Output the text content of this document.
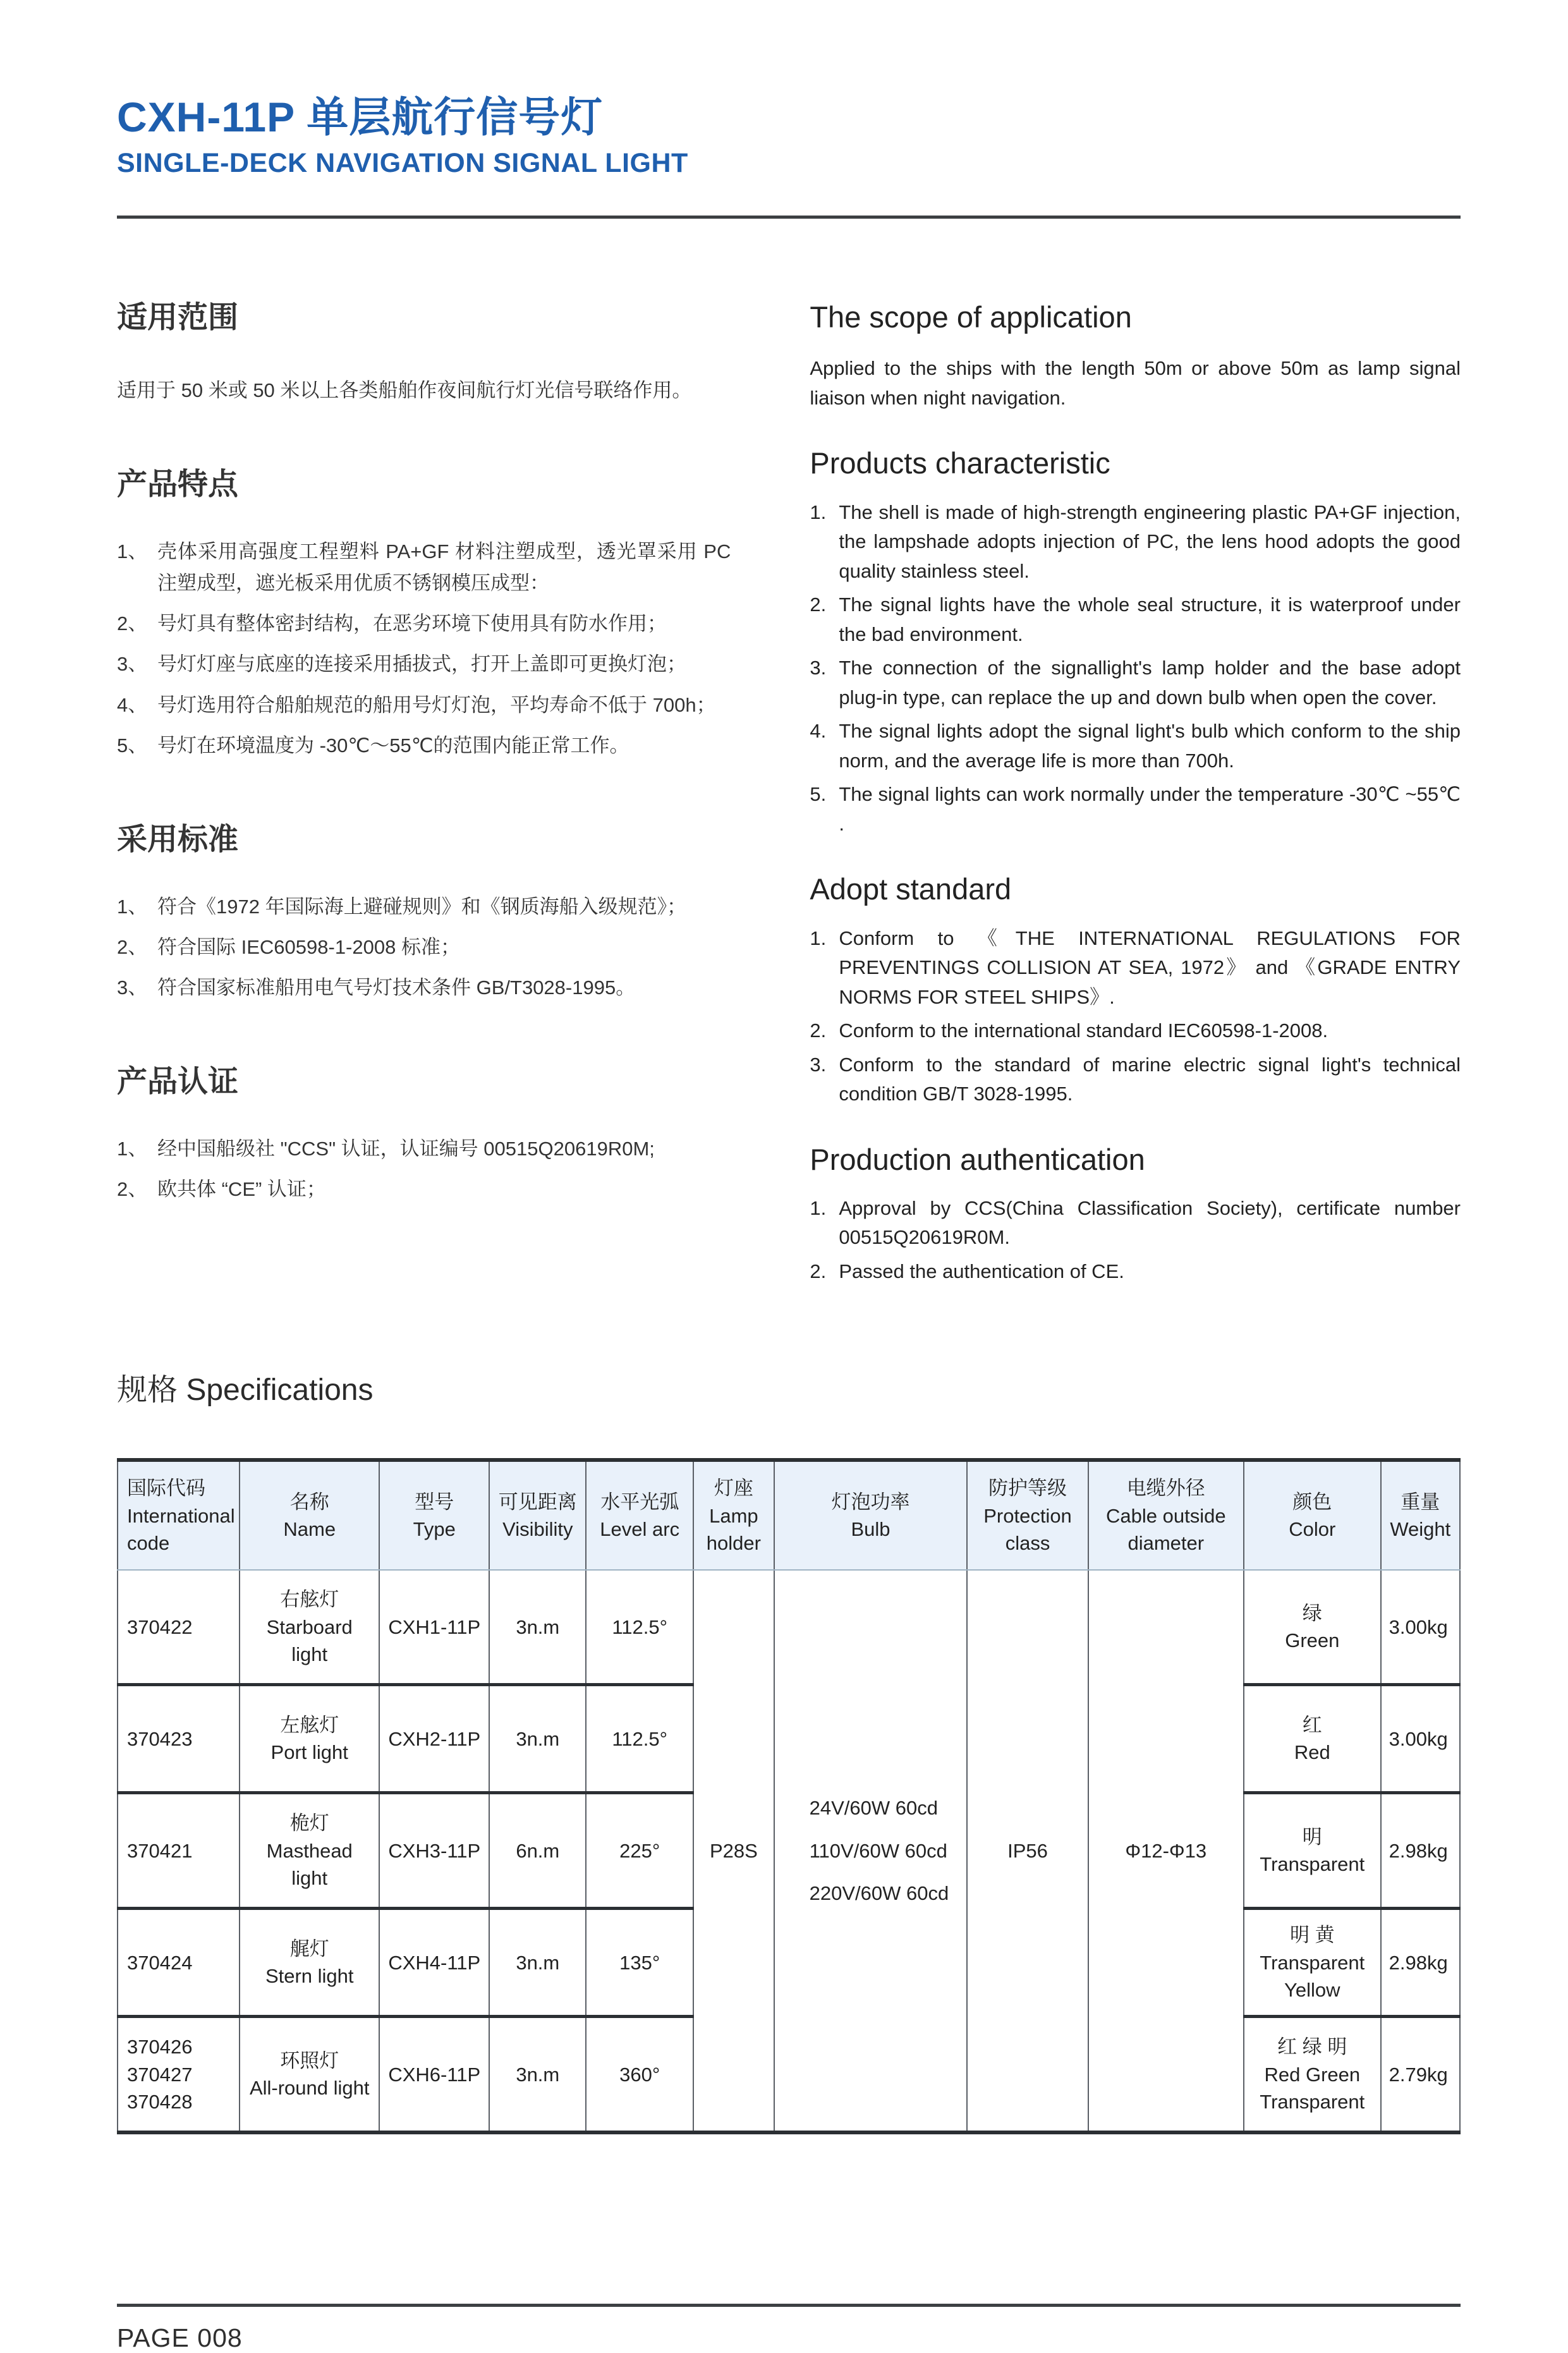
CXH-11P 单层航行信号灯
SINGLE-DECK NAVIGATION SIGNAL LIGHT
适用范围
适用于 50 米或 50 米以上各类船舶作夜间航行灯光信号联络作用。
产品特点
1、 壳体采用高强度工程塑料 PA+GF 材料注塑成型，透光罩采用 PC 注塑成型，遮光板采用优质不锈钢模压成型：
2、 号灯具有整体密封结构，在恶劣环境下使用具有防水作用；
3、 号灯灯座与底座的连接采用插拔式，打开上盖即可更换灯泡；
4、 号灯选用符合船舶规范的船用号灯灯泡，平均寿命不低于 700h；
5、 号灯在环境温度为 -30℃～55℃的范围内能正常工作。
采用标准
1、 符合《1972 年国际海上避碰规则》和《钢质海船入级规范》；
2、 符合国际 IEC60598-1-2008 标准；
3、 符合国家标准船用电气号灯技术条件 GB/T3028-1995。
产品认证
1、 经中国船级社 "CCS" 认证，认证编号 00515Q20619R0M;
2、 欧共体 “CE” 认证；
The scope of application
Applied to the ships with the length 50m or above 50m as lamp signal liaison when night navigation.
Products characteristic
1. The shell is made of high-strength engineering plastic PA+GF injection, the lampshade adopts injection of PC, the lens hood adopts the good quality stainless steel.
2. The signal lights have the whole seal structure, it is waterproof under the bad environment.
3. The connection of the signallight's lamp holder and the base adopt plug-in type, can replace the up and down bulb when open the cover.
4. The signal lights adopt the signal light's bulb which conform to the ship norm, and the average life is more than 700h.
5. The signal lights can work normally under the temperature -30℃ ~55℃ .
Adopt standard
1. Conform to 《THE INTERNATIONAL REGULATIONS FOR PREVENTINGS COLLISION AT SEA, 1972》 and 《GRADE ENTRY NORMS FOR STEEL SHIPS》.
2. Conform to the international standard IEC60598-1-2008.
3. Conform to the standard of marine electric signal light's technical condition GB/T 3028-1995.
Production authentication
1. Approval by CCS(China Classification Society), certificate number 00515Q20619R0M.
2. Passed the authentication of CE.
规格 Specifications
国际代码
International code	名称
Name	型号
Type	可见距离
Visibility	水平光弧
Level arc	灯座
Lamp holder	灯泡功率
Bulb	防护等级
Protection class	电缆外径
Cable outside diameter	颜色
Color	重量
Weight

370422	右舷灯
Starboard light	CXH1-11P	3n.m	112.5°	P28S	24V/60W 60cd
110V/60W 60cd
220V/60W 60cd	IP56	Φ12-Φ13	绿
Green	3.00kg

370423	左舷灯
Port light	CXH2-11P	3n.m	112.5°					红
Red	3.00kg

370421	桅灯
Masthead light	CXH3-11P	6n.m	225°					明
Transparent	2.98kg

370424	艉灯
Stern light	CXH4-11P	3n.m	135°					明 黄
Transparent Yellow	2.98kg

370426
370427
370428	环照灯
All-round light	CXH6-11P	3n.m	360°					红 绿 明
Red Green Transparent	2.79kg
PAGE 008
